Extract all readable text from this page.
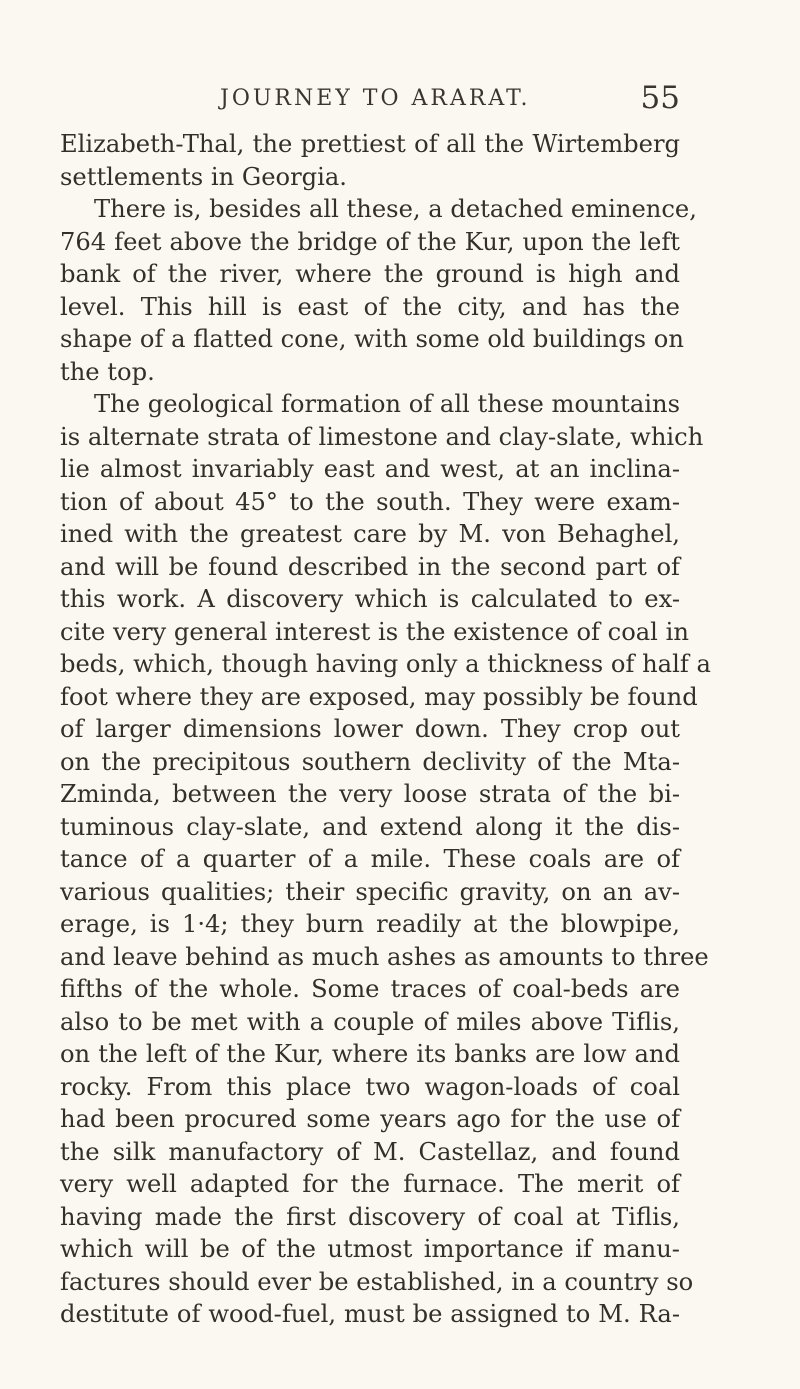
JOURNEY TO ARARAT.	55
Elizabeth-Thal, the prettiest of all the Wirtemberg
settlements in Georgia.
There is, besides all these, a detached eminence,
764 feet above the bridge of the Kur, upon the left
bank of the river, where the ground is high and
level. This hill is east of the city, and has the
shape of a flatted cone, with some old buildings on
the top.
The geological formation of all these mountains
is alternate strata of limestone and clay-slate, which
lie almost invariably east and west, at an inclina-
tion of about 45° to the south. They were exam-
ined with the greatest care by M. von Behaghel,
and will be found described in the second part of
this work. A discovery which is calculated to ex-
cite very general interest is the existence of coal in
beds, which, though having only a thickness of half a
foot where they are exposed, may possibly be found
of larger dimensions lower down. They crop out
on the precipitous southern declivity of the Mta-
Zminda, between the very loose strata of the bi-
tuminous clay-slate, and extend along it the dis-
tance of a quarter of a mile. These coals are of
various qualities; their specific gravity, on an av-
erage, is 1·4; they burn readily at the blowpipe,
and leave behind as much ashes as amounts to three
fifths of the whole. Some traces of coal-beds are
also to be met with a couple of miles above Tiflis,
on the left of the Kur, where its banks are low and
rocky. From this place two wagon-loads of coal
had been procured some years ago for the use of
the silk manufactory of M. Castellaz, and found
very well adapted for the furnace. The merit of
having made the first discovery of coal at Tiflis,
which will be of the utmost importance if manu-
factures should ever be established, in a country so
destitute of wood-fuel, must be assigned to M. Ra-
